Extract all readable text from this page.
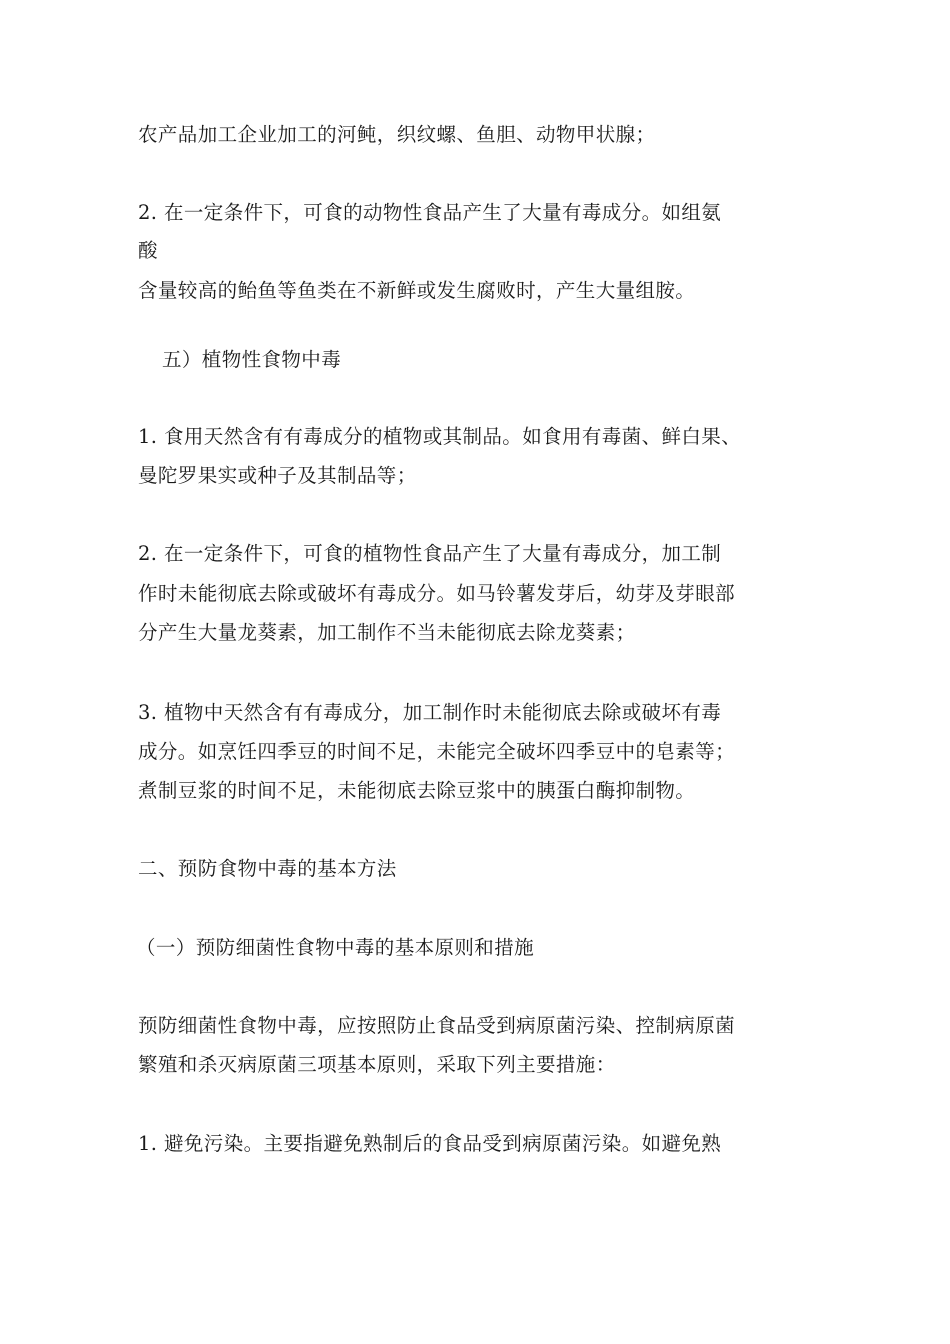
农产品加工企业加工的河鲀，织纹螺、鱼胆、动物甲状腺；
2. 在一定条件下，可食的动物性食品产生了大量有毒成分。如组氨
酸
含量较高的鲐鱼等鱼类在不新鲜或发生腐败时，产生大量组胺。
五）植物性食物中毒
1. 食用天然含有有毒成分的植物或其制品。如食用有毒菌、鲜白果、
曼陀罗果实或种子及其制品等；
2. 在一定条件下，可食的植物性食品产生了大量有毒成分，加工制
作时未能彻底去除或破坏有毒成分。如马铃薯发芽后，幼芽及芽眼部
分产生大量龙葵素，加工制作不当未能彻底去除龙葵素；
3. 植物中天然含有有毒成分，加工制作时未能彻底去除或破坏有毒
成分。如烹饪四季豆的时间不足，未能完全破坏四季豆中的皂素等；
煮制豆浆的时间不足，未能彻底去除豆浆中的胰蛋白酶抑制物。
二、预防食物中毒的基本方法
（一）预防细菌性食物中毒的基本原则和措施
预防细菌性食物中毒，应按照防止食品受到病原菌污染、控制病原菌
繁殖和杀灭病原菌三项基本原则，采取下列主要措施：
1. 避免污染。主要指避免熟制后的食品受到病原菌污染。如避免熟
